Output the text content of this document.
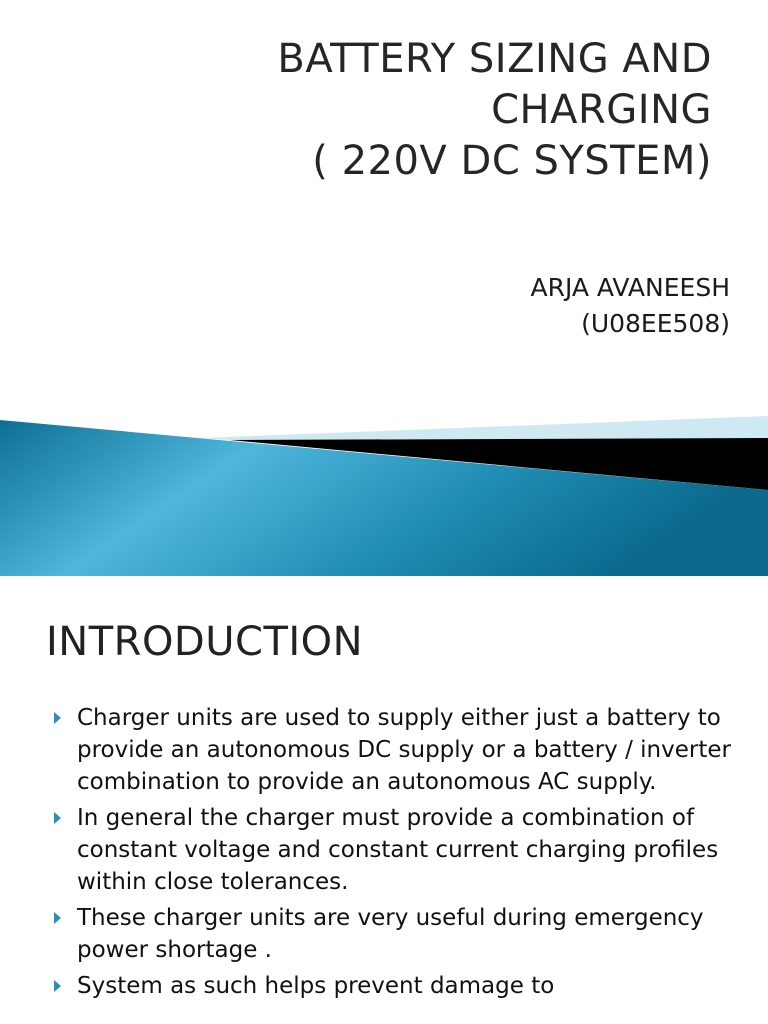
BATTERY SIZING AND
CHARGING
( 220V DC SYSTEM)
ARJA AVANEESH
(U08EE508)
INTRODUCTION
Charger units are used to supply either just a battery to provide an autonomous DC supply or a battery / inverter combination to provide an autonomous AC supply.
In general the charger must provide a combination of constant voltage and constant current charging profiles within close tolerances.
These charger units are very useful during emergency power shortage .
System as such helps prevent damage to
